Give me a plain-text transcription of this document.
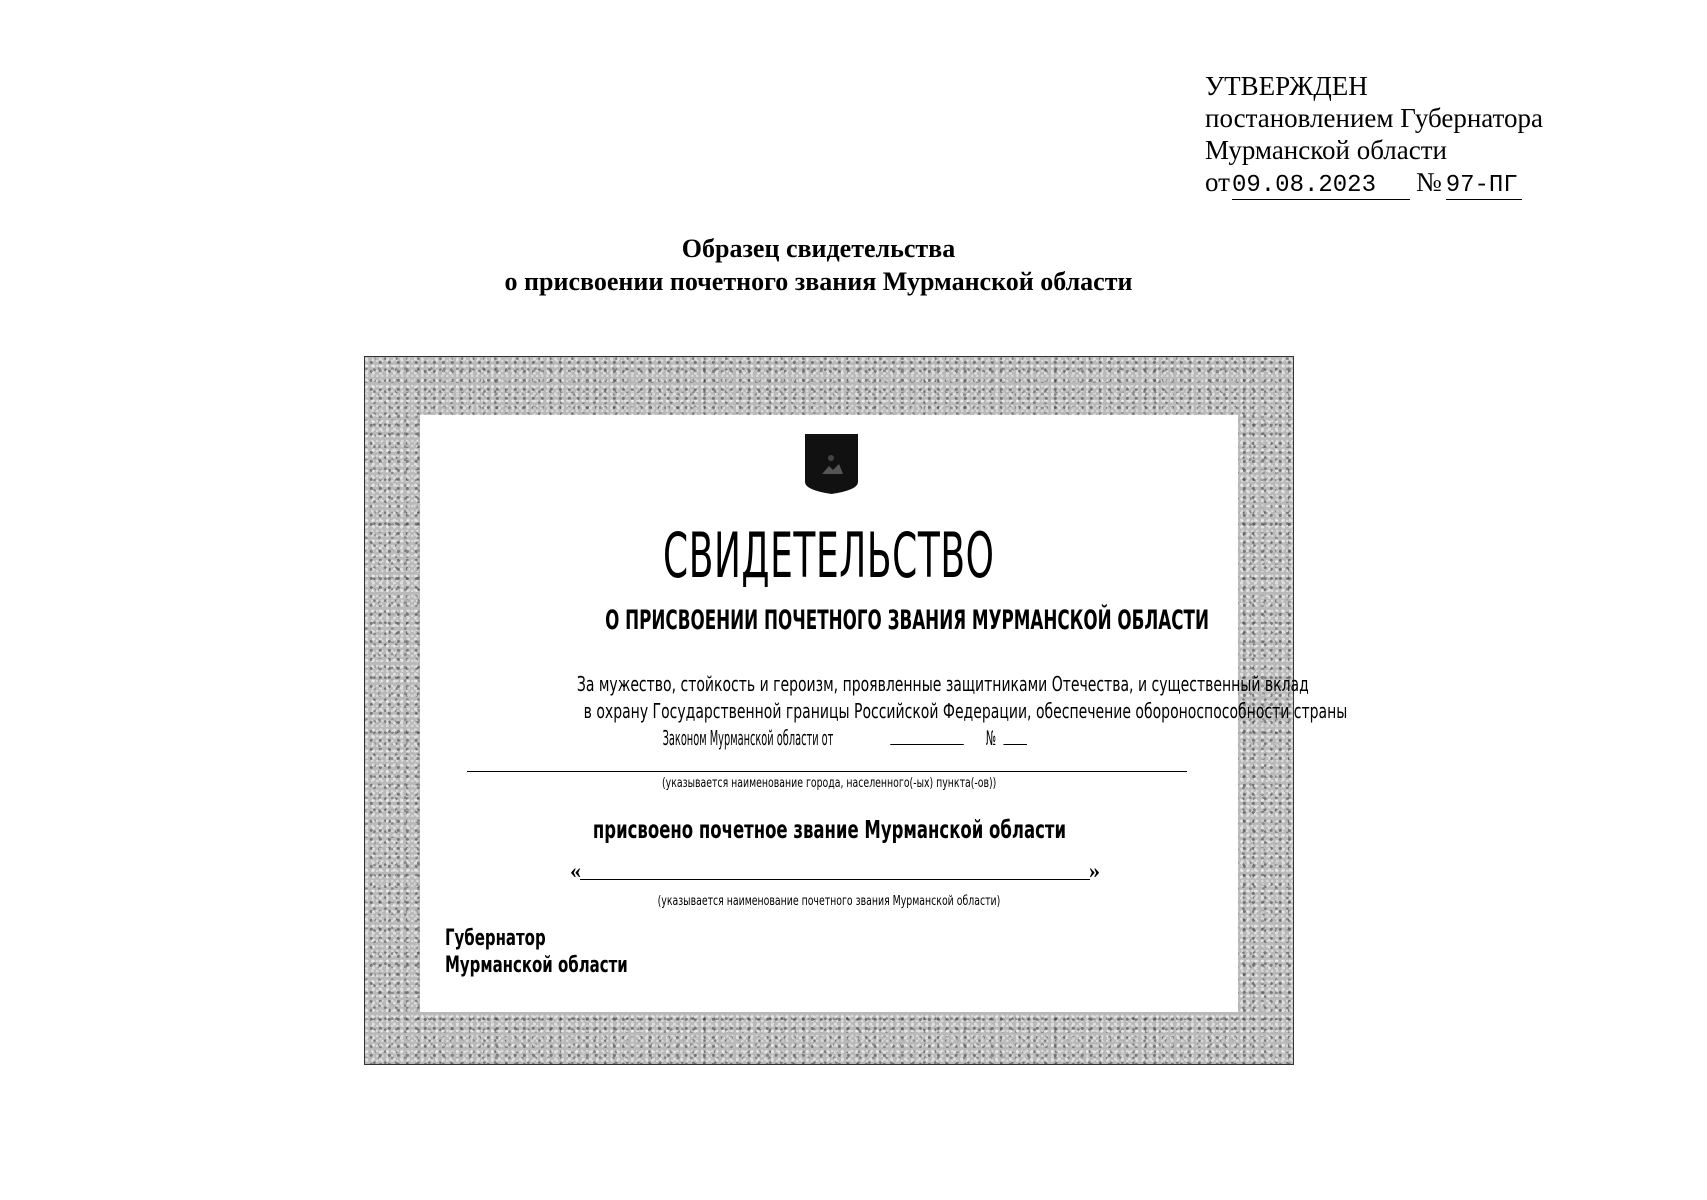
УТВЕРЖДЕН
постановлением Губернатора
Мурманской области
от09.08.2023 № 97-ПГ
Образец свидетельства
о присвоении почетного звания Мурманской области
СВИДЕТЕЛЬСТВО
О ПРИСВОЕНИИ ПОЧЕТНОГО ЗВАНИЯ МУРМАНСКОЙ ОБЛАСТИ
За мужество, стойкость и героизм, проявленные защитниками Отечества, и существенный вклад
в охрану Государственной границы Российской Федерации, обеспечение обороноспособности страны
Законом Мурманской области от	№
(указывается наименование города, населенного(-ых) пункта(-ов))
присвоено почетное звание Мурманской области
«	»
(указывается наименование почетного звания Мурманской области)
Губернатор
Мурманской области
